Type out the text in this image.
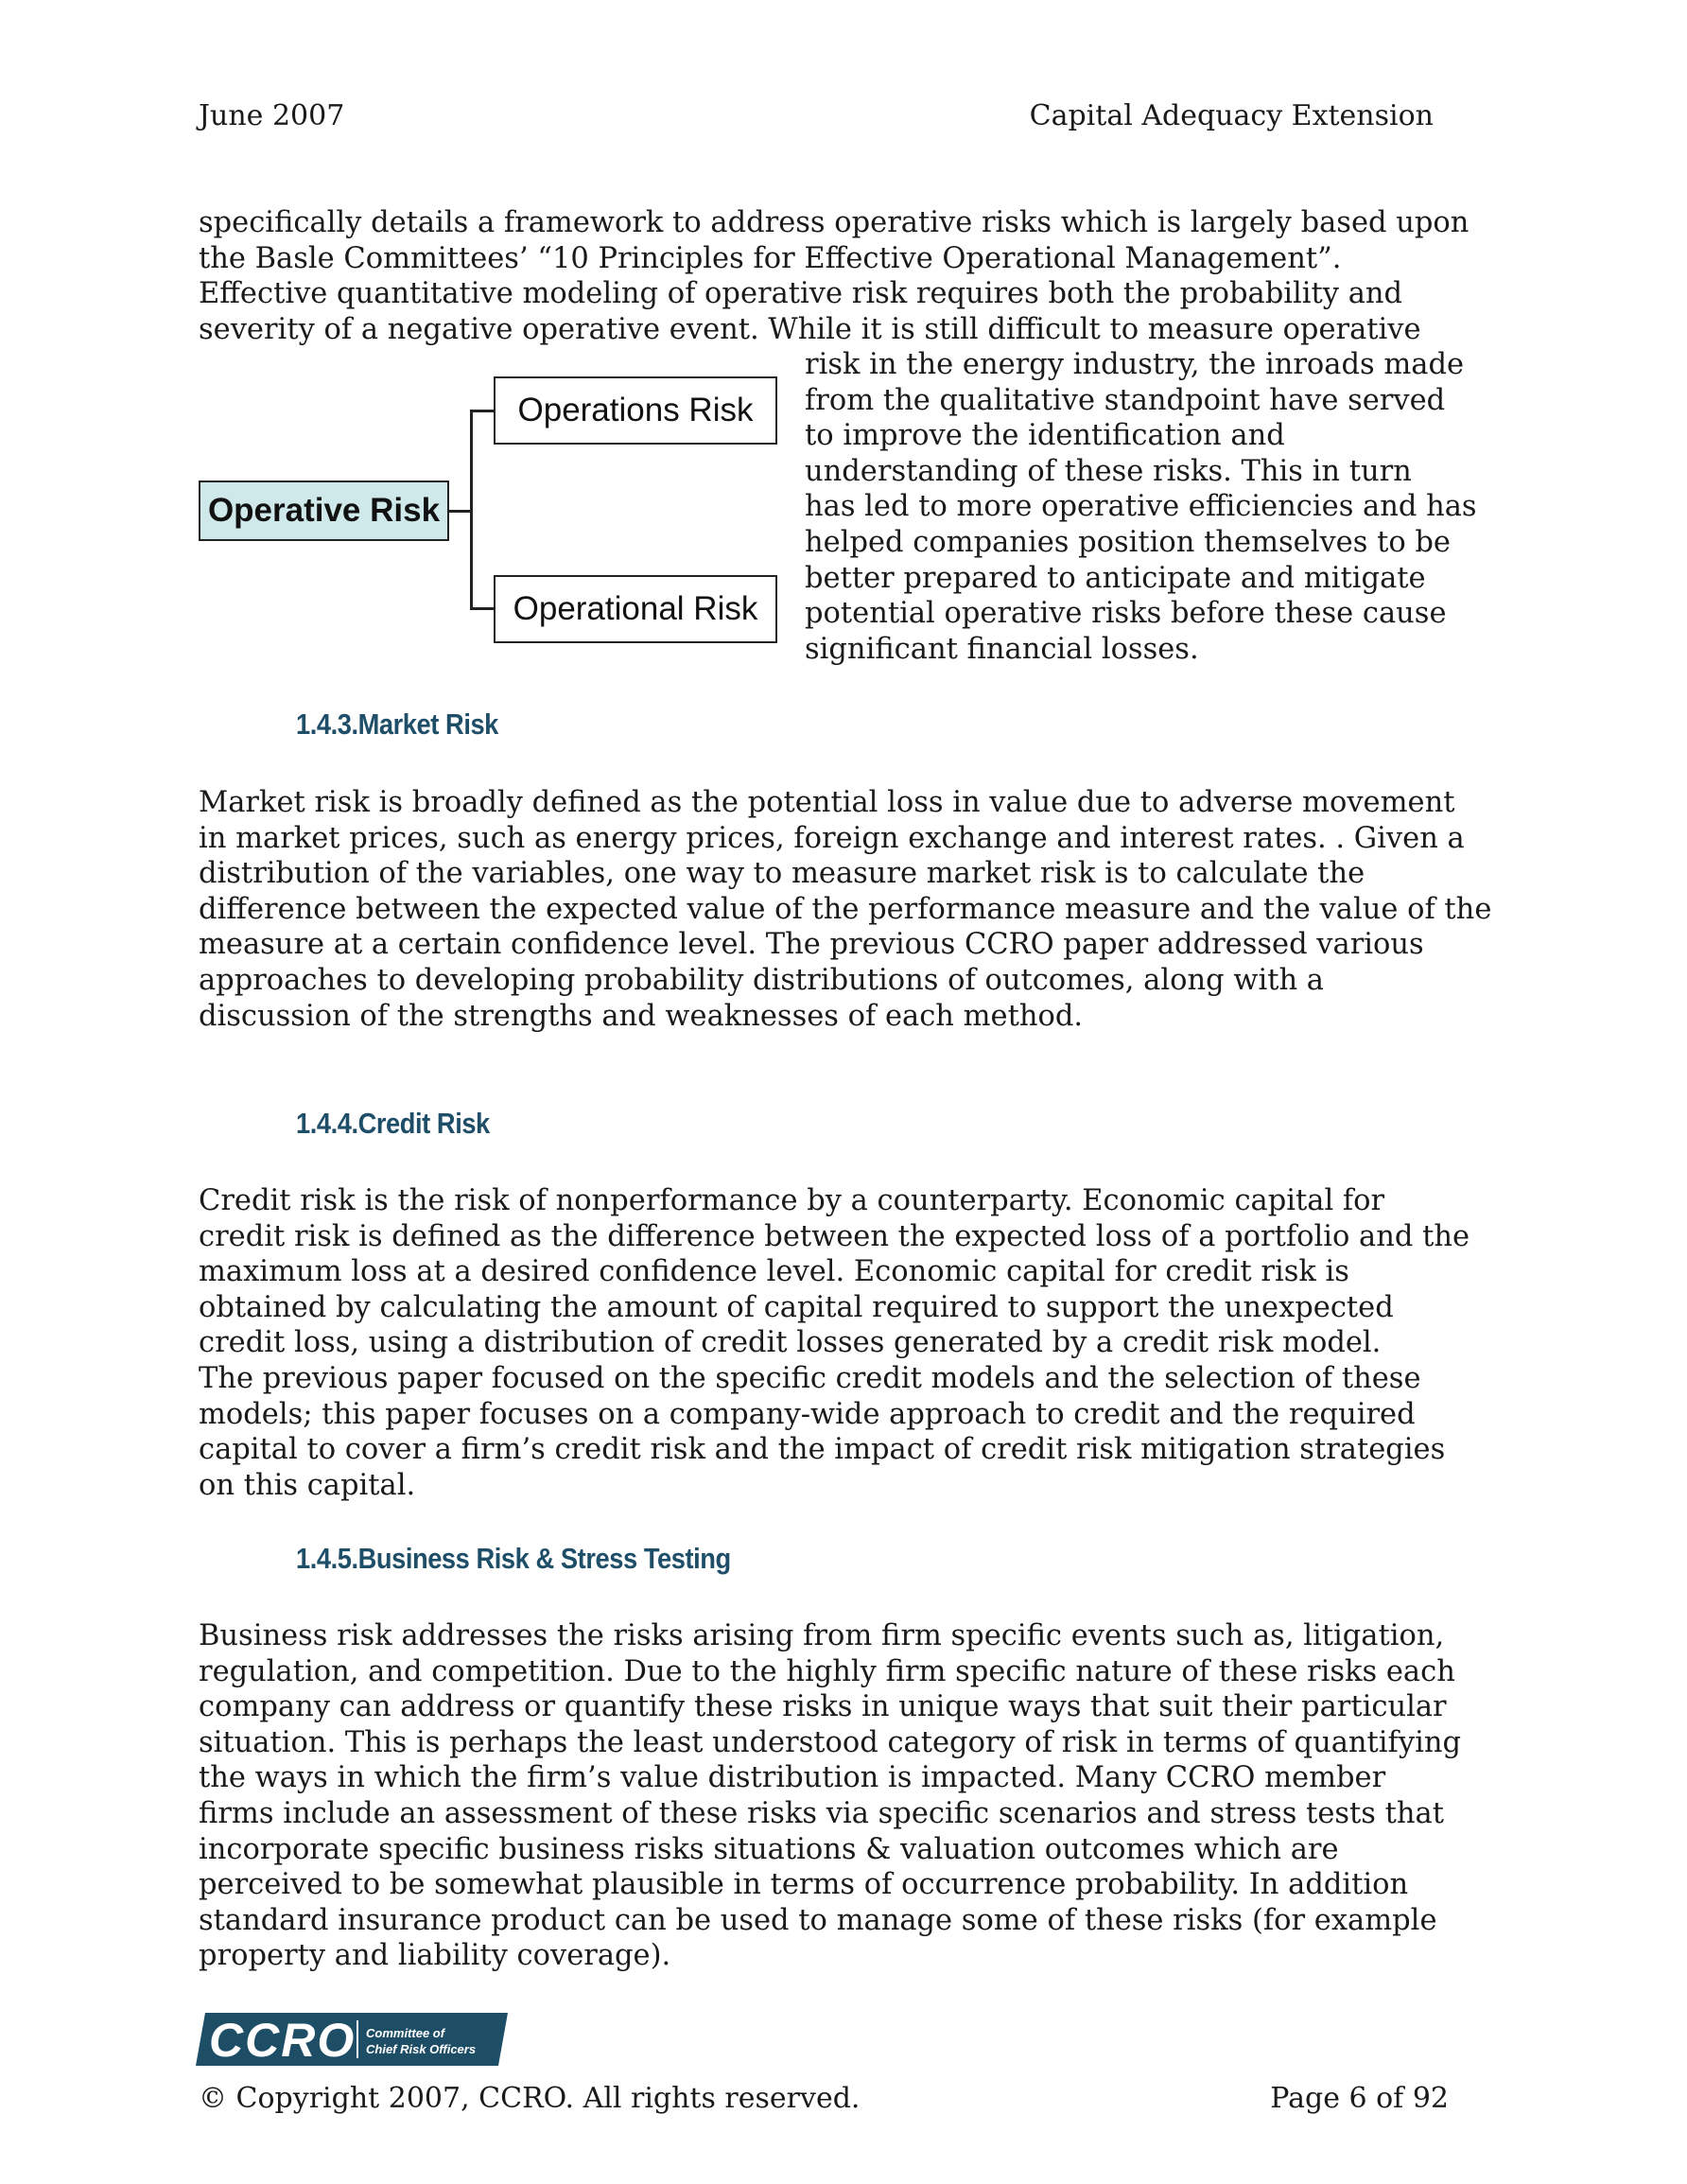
June 2007	Capital Adequacy Extension
specifically details a framework to address operative risks which is largely based upon
the Basle Committees’ “10 Principles for Effective Operational Management”.
Effective quantitative modeling of operative risk requires both the probability and
severity of a negative operative event. While it is still difficult to measure operative
risk in the energy industry, the inroads made
from the qualitative standpoint have served
to improve the identification and
understanding of these risks. This in turn
has led to more operative efficiencies and has
helped companies position themselves to be
better prepared to anticipate and mitigate
potential operative risks before these cause
significant financial losses.
Operative Risk
Operations Risk
Operational Risk
1.4.3.Market Risk
Market risk is broadly defined as the potential loss in value due to adverse movement
in market prices, such as energy prices, foreign exchange and interest rates. . Given a
distribution of the variables, one way to measure market risk is to calculate the
difference between the expected value of the performance measure and the value of the
measure at a certain confidence level. The previous CCRO paper addressed various
approaches to developing probability distributions of outcomes, along with a
discussion of the strengths and weaknesses of each method.
1.4.4.Credit Risk
Credit risk is the risk of nonperformance by a counterparty. Economic capital for
credit risk is defined as the difference between the expected loss of a portfolio and the
maximum loss at a desired confidence level. Economic capital for credit risk is
obtained by calculating the amount of capital required to support the unexpected
credit loss, using a distribution of credit losses generated by a credit risk model.
The previous paper focused on the specific credit models and the selection of these
models; this paper focuses on a company-wide approach to credit and the required
capital to cover a firm’s credit risk and the impact of credit risk mitigation strategies
on this capital.
1.4.5.Business Risk & Stress Testing
Business risk addresses the risks arising from firm specific events such as, litigation,
regulation, and competition. Due to the highly firm specific nature of these risks each
company can address or quantify these risks in unique ways that suit their particular
situation. This is perhaps the least understood category of risk in terms of quantifying
the ways in which the firm’s value distribution is impacted. Many CCRO member
firms include an assessment of these risks via specific scenarios and stress tests that
incorporate specific business risks situations & valuation outcomes which are
perceived to be somewhat plausible in terms of occurrence probability. In addition
standard insurance product can be used to manage some of these risks (for example
property and liability coverage).
CCRO Committee of
Chief Risk Officers
© Copyright 2007, CCRO. All rights reserved.	Page 6 of 92
